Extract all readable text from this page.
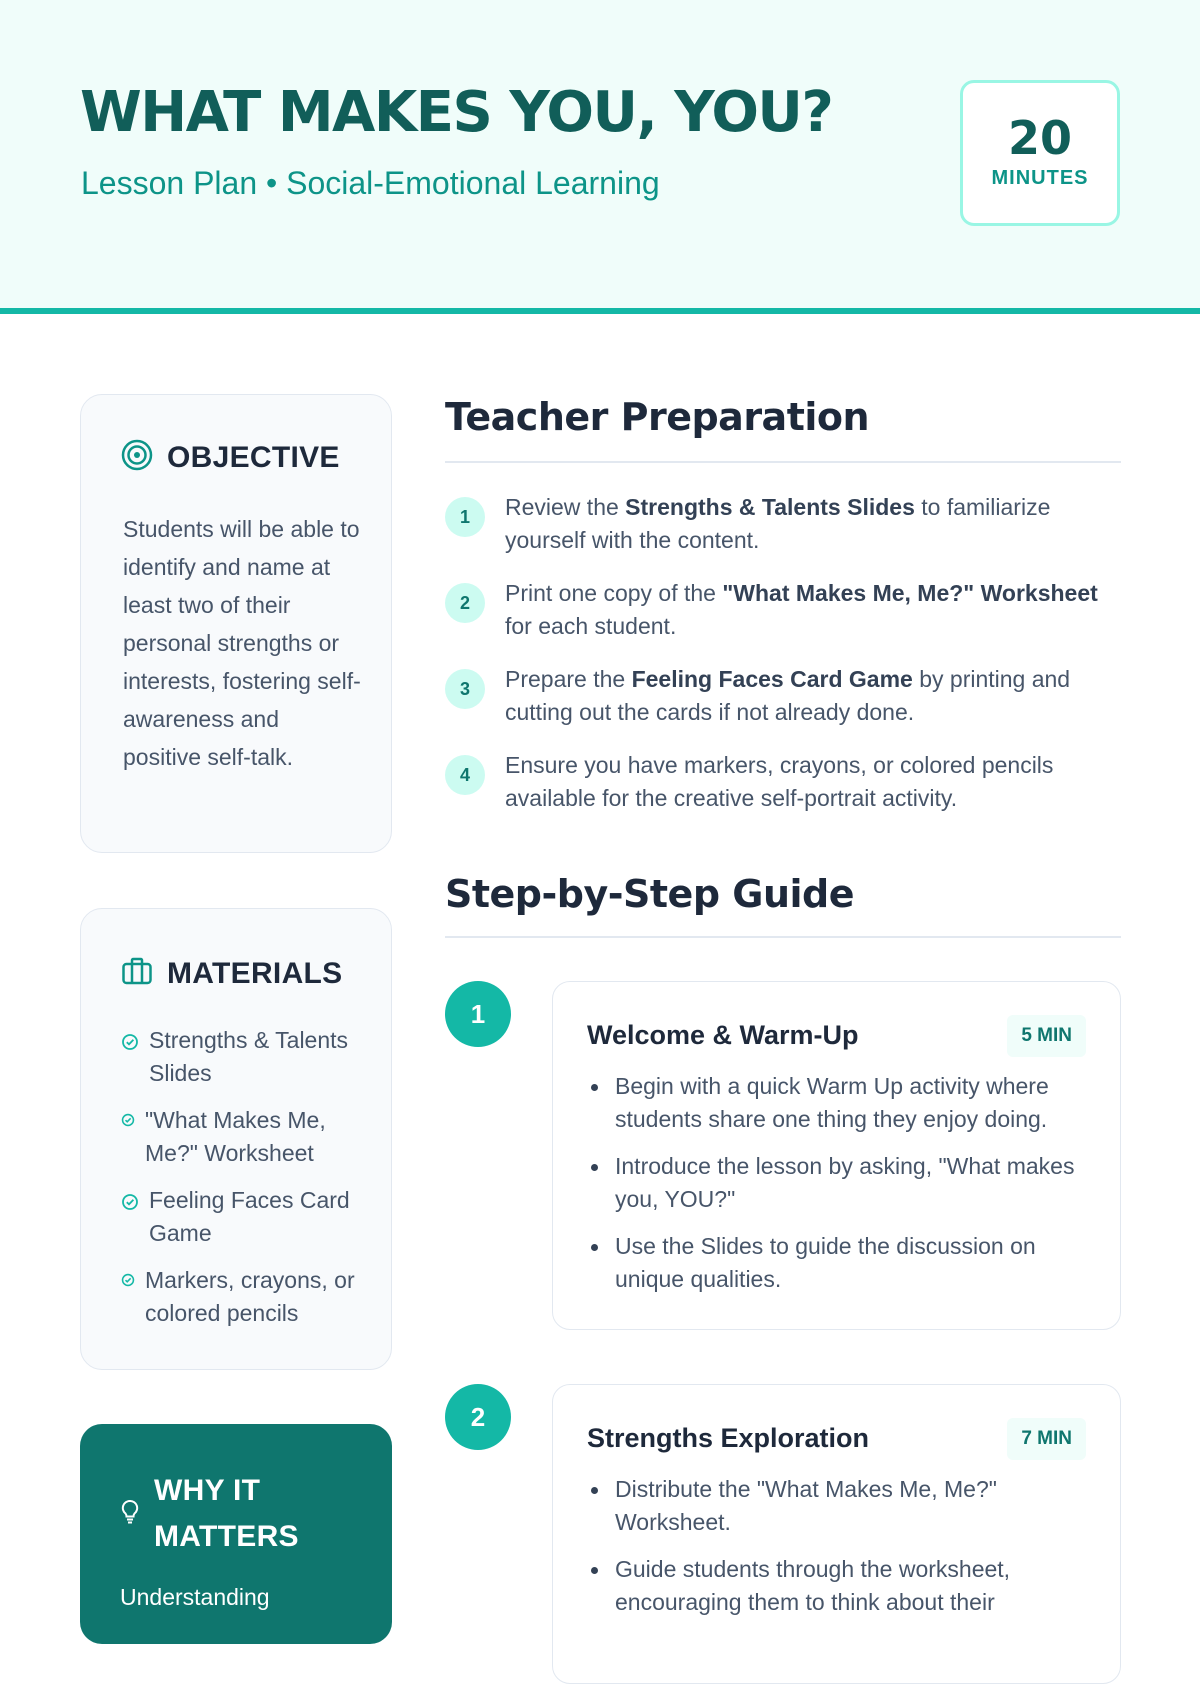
WHAT MAKES YOU, YOU?
Lesson Plan • Social-Emotional Learning
20
MINUTES
OBJECTIVE

Students will be able to identify and name at least two of their personal strengths or interests, fostering self-awareness and positive self-talk.

MATERIALS
Strengths & Talents Slides
"What Makes Me, Me?" Worksheet
Feeling Faces Card Game
Markers, crayons, or colored pencils
WHY IT
MATTERS
Understanding
Teacher Preparation
1	Review the Strengths & Talents Slides to familiarize yourself with the content.

2	Print one copy of the "What Makes Me, Me?" Worksheet for each student.

3	Prepare the Feeling Faces Card Game by printing and cutting out the cards if not already done.

4	Ensure you have markers, crayons, or colored pencils available for the creative self-portrait activity.

Step-by-Step Guide
1
Welcome & Warm-Up	5 MIN
Begin with a quick Warm Up activity where students share one thing they enjoy doing.
Introduce the lesson by asking, "What makes you, YOU?"
Use the Slides to guide the discussion on unique qualities.
2
Strengths Exploration	7 MIN
Distribute the "What Makes Me, Me?" Worksheet.
Guide students through the worksheet, encouraging them to think about their
